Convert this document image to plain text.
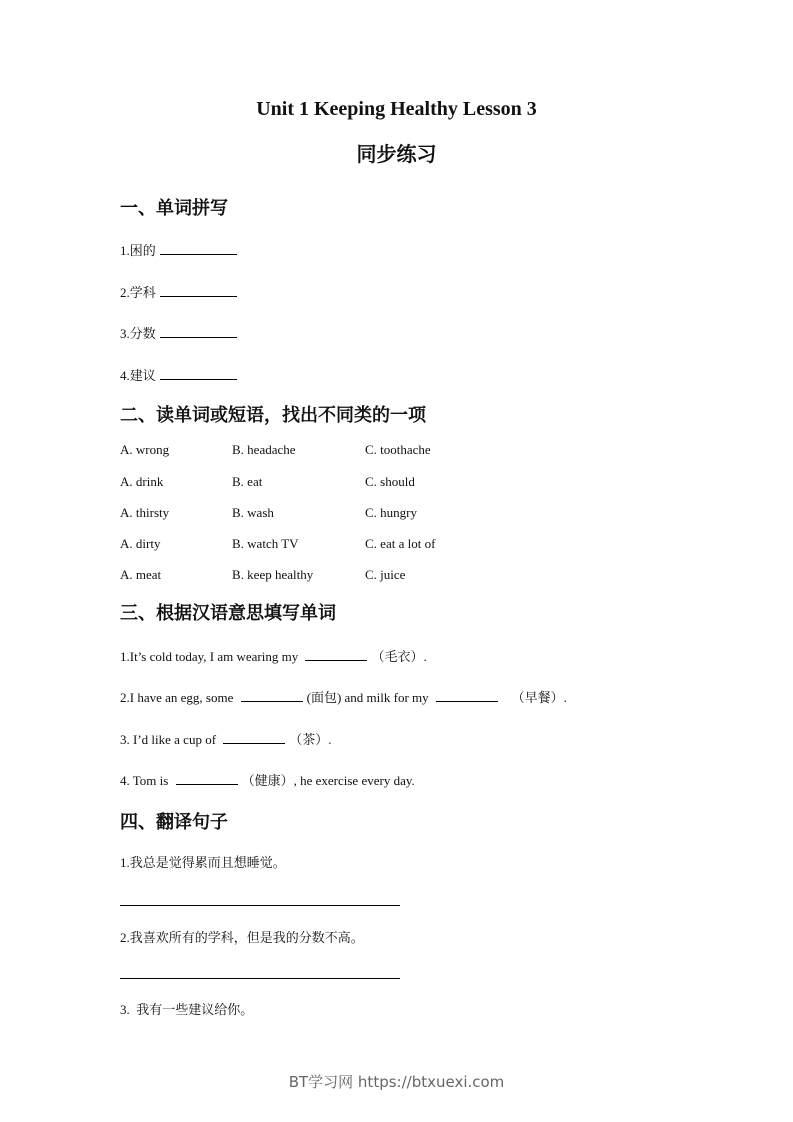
Unit 1 Keeping Healthy Lesson 3
同步练习
一、单词拼写
1.困的
2.学科
3.分数
4.建议
二、读单词或短语，找出不同类的一项
A. wrong	B. headache	C. toothache
A. drink	B. eat	C. should
A. thirsty	B. wash	C. hungry
A. dirty	B. watch TV	C. eat a lot of
A. meat	B. keep healthy	C. juice
三、根据汉语意思填写单词
1.It’s cold today, I am wearing my	（毛衣）.
2.I have an egg, some	(面包) and milk for my	（早餐）.
3. I’d like a cup of	（茶）.
4. Tom is	（健康）, he exercise every day.
四、翻译句子
1.我总是觉得累而且想睡觉。
2.我喜欢所有的学科，但是我的分数不高。
3.  我有一些建议给你。
BT学习网 https://btxuexi.com
